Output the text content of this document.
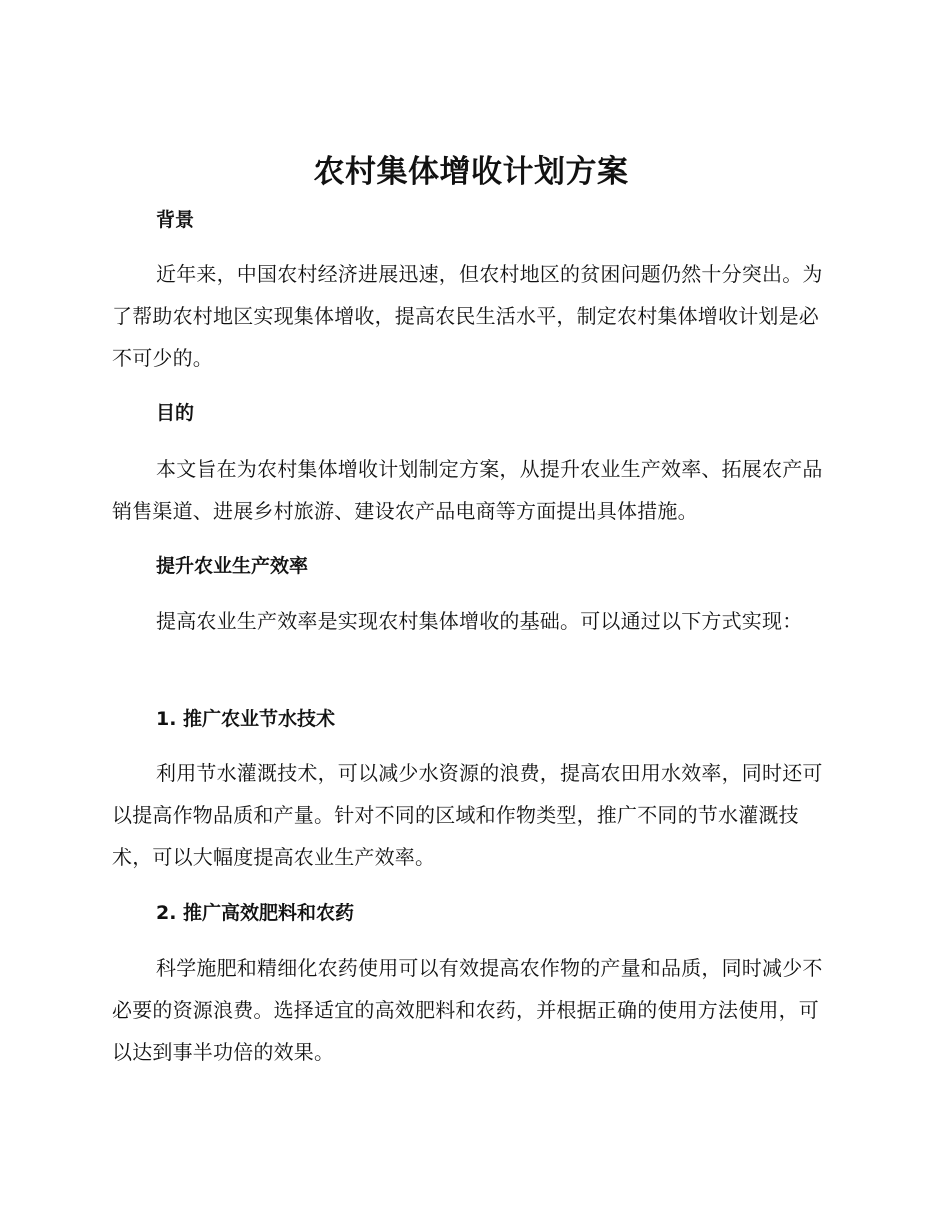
农村集体增收计划方案
背景

近年来，中国农村经济进展迅速，但农村地区的贫困问题仍然十分突出。为了帮助农村地区实现集体增收，提高农民生活水平，制定农村集体增收计划是必不可少的。

目的

本文旨在为农村集体增收计划制定方案，从提升农业生产效率、拓展农产品销售渠道、进展乡村旅游、建设农产品电商等方面提出具体措施。

提升农业生产效率

提高农业生产效率是实现农村集体增收的基础。可以通过以下方式实现：

1. 推广农业节水技术

利用节水灌溉技术，可以减少水资源的浪费，提高农田用水效率，同时还可以提高作物品质和产量。针对不同的区域和作物类型，推广不同的节水灌溉技术，可以大幅度提高农业生产效率。

2. 推广高效肥料和农药

科学施肥和精细化农药使用可以有效提高农作物的产量和品质，同时减少不必要的资源浪费。选择适宜的高效肥料和农药，并根据正确的使用方法使用，可以达到事半功倍的效果。
